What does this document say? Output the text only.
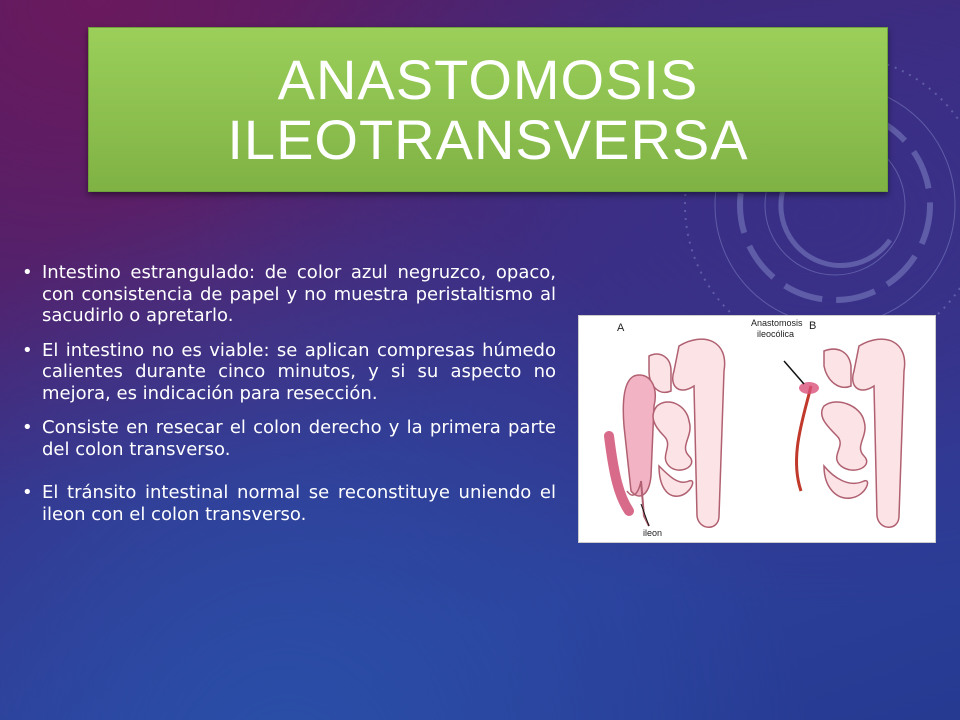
ANASTOMOSIS
ILEOTRANSVERSA
• Intestino estrangulado: de color azul negruzco, opaco, con consistencia de papel y no muestra peristaltismo al sacudirlo o apretarlo.
• El intestino no es viable: se aplican compresas húmedo calientes durante cinco minutos, y si su aspecto no mejora, es indicación para resección.
• Consiste en resecar el colon derecho y la primera parte del colon transverso.
• El tránsito intestinal normal se reconstituye uniendo el ileon con el colon transverso.
A	B
Anastomosis
ileocólica
ileon
